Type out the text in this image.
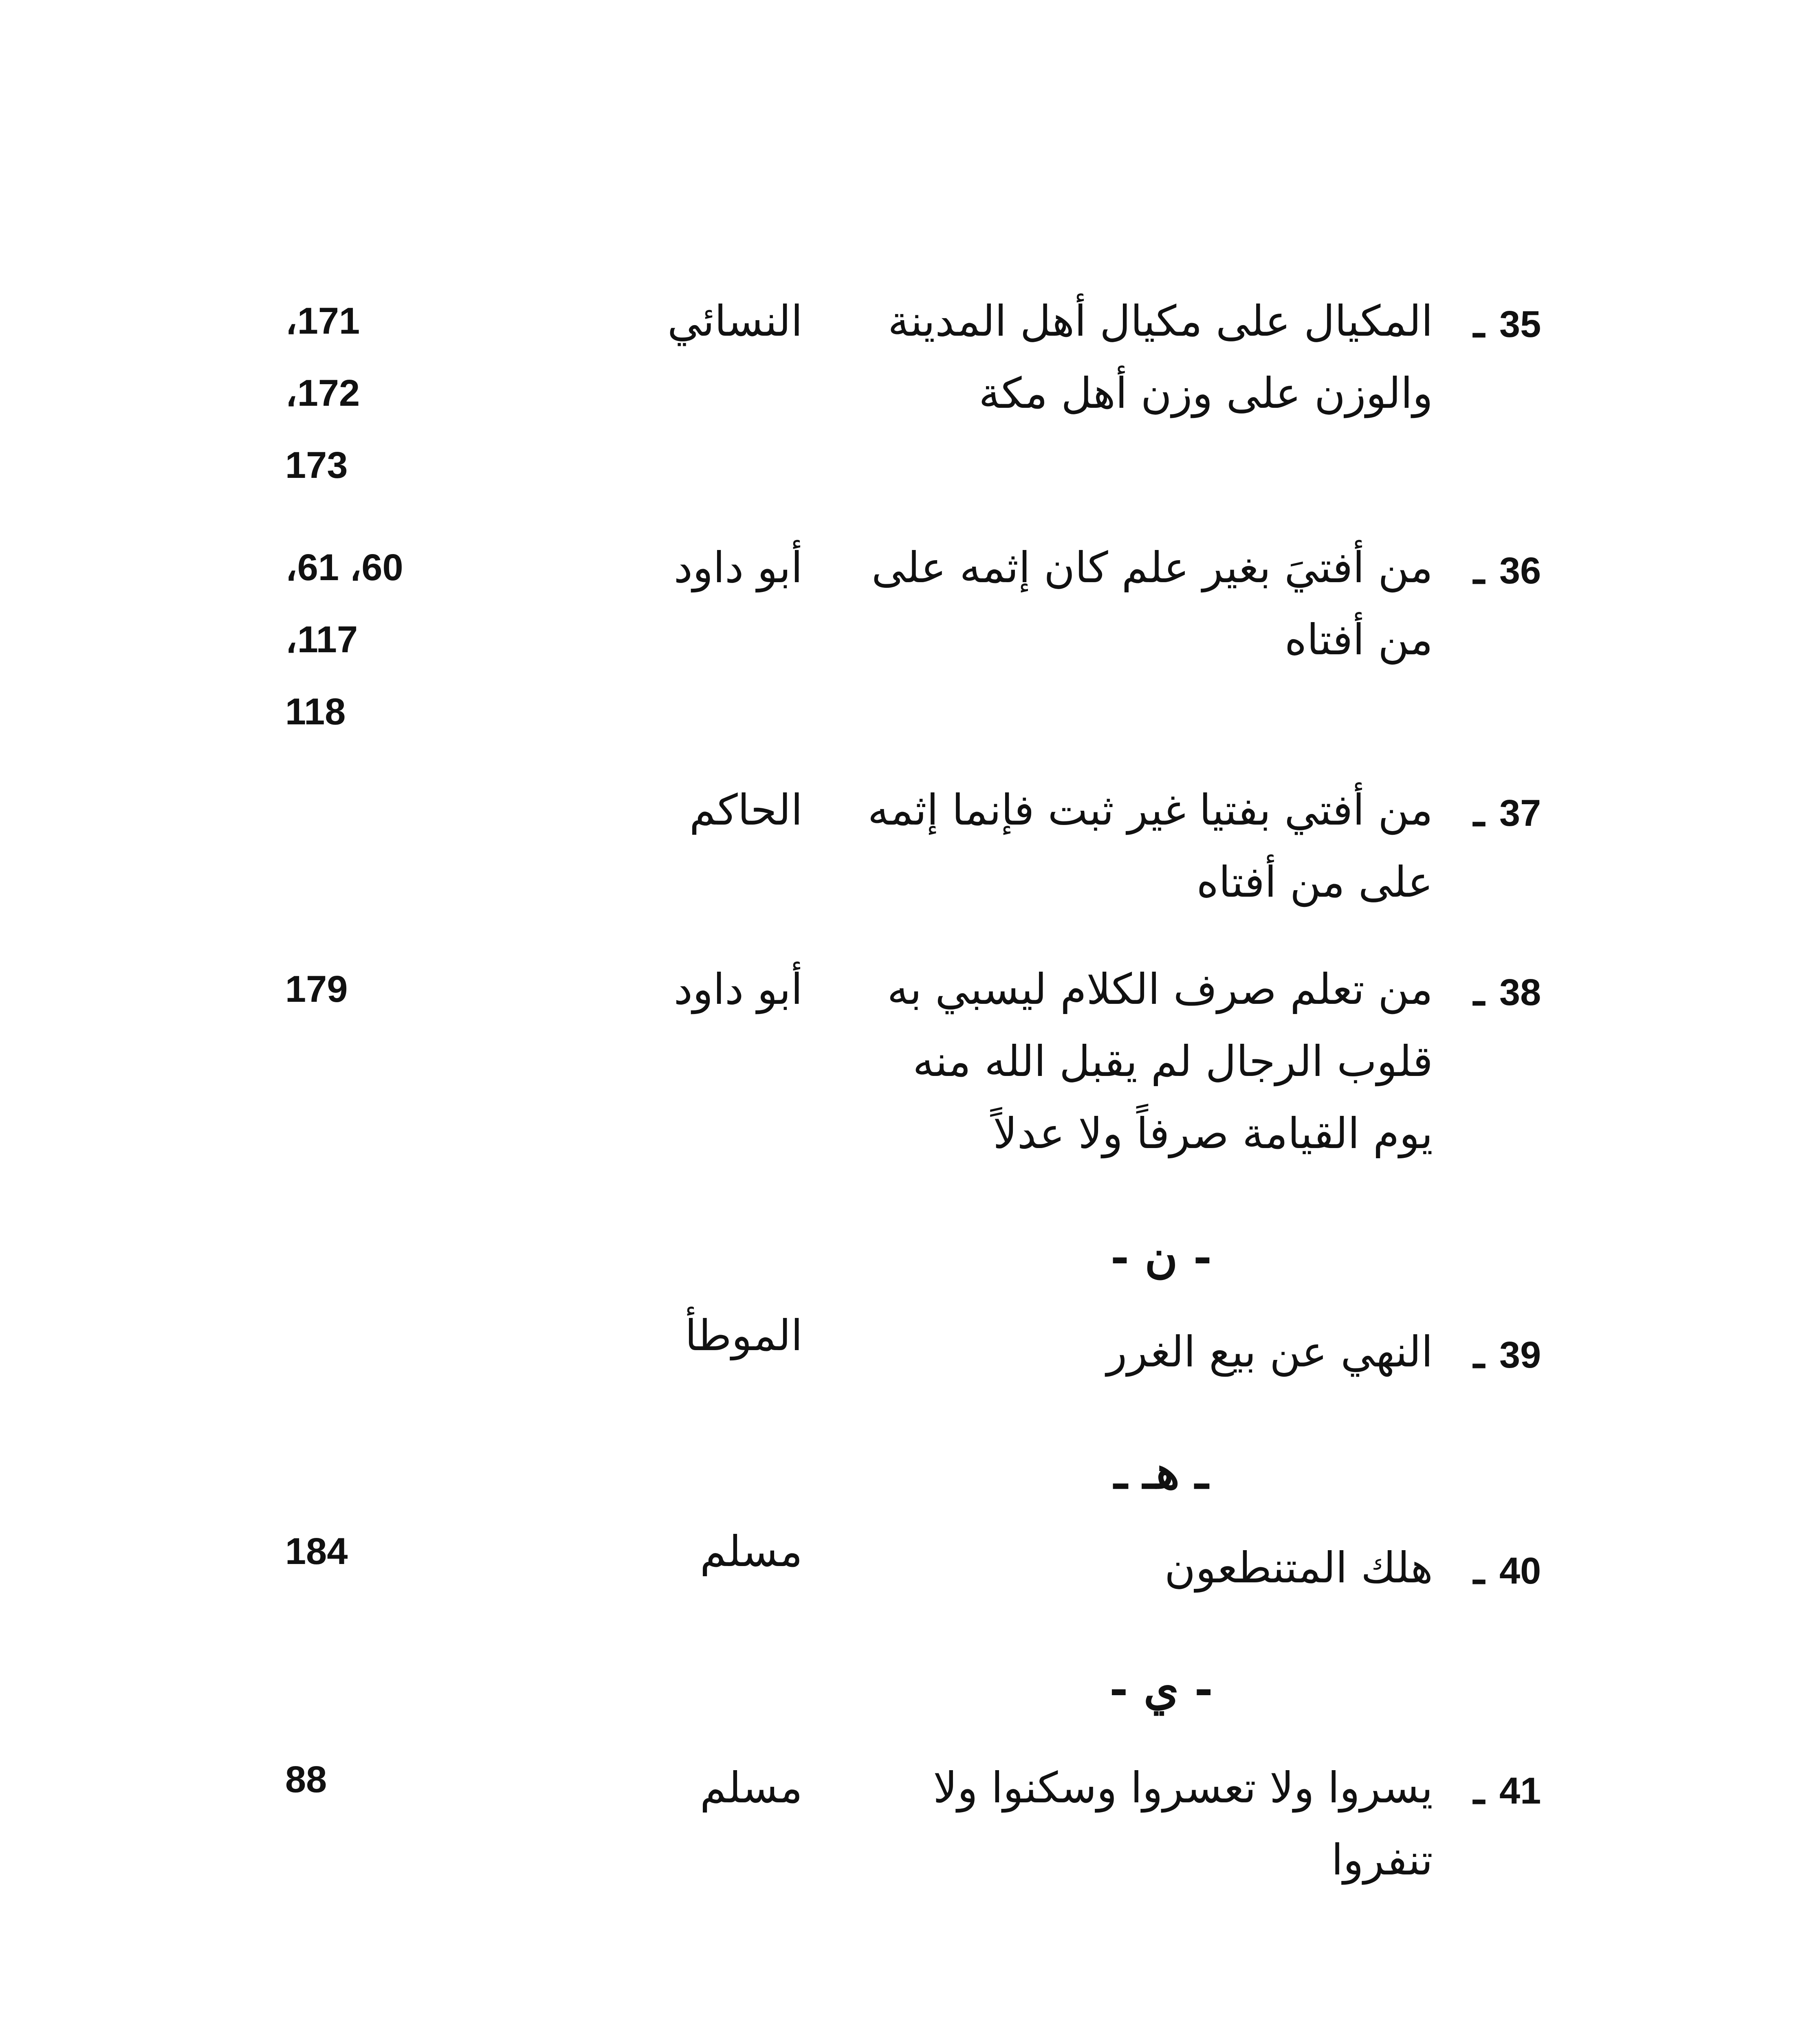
35
ـ
المكيال على مكيال أهل المدينة
والوزن على وزن أهل مكة
النسائي
171،
172،
173
36
ـ
من أفتيَ بغير علم كان إثمه على
من أفتاه
أبو داود
60، 61،
117،
118
37
ـ
من أفتي بفتيا غير ثبت فإنما إثمه
على من أفتاه
الحاكم
38
ـ
من تعلم صرف الكلام ليسبي به
قلوب الرجال لم يقبل الله منه
يوم القيامة صرفاً ولا عدلاً
أبو داود
179
- ن -
39
ـ
النهي عن بيع الغرر
الموطأ
ـ هـ ـ
40
ـ
هلك المتنطعون
مسلم
184
- ي -
41
ـ
يسروا ولا تعسروا وسكنوا ولا
تنفروا
مسلم
88
